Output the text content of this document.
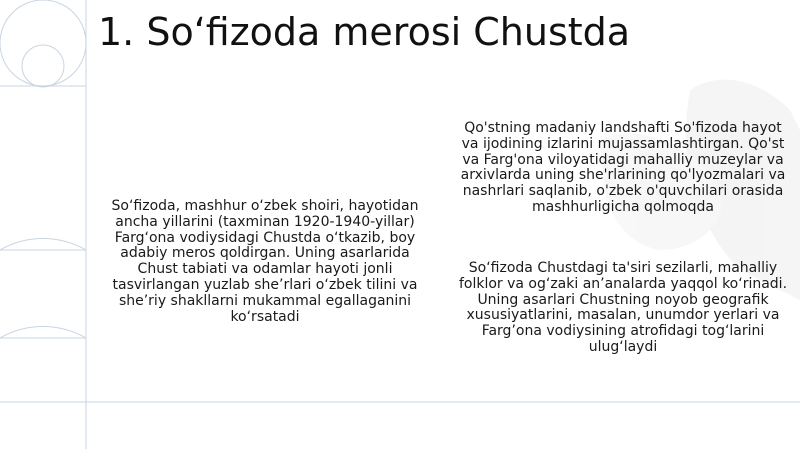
1. So‘fizoda merosi Chustda
So‘fizoda, mashhur o‘zbek shoiri, hayotidan ancha yillarini (taxminan 1920-1940-yillar) Farg‘ona vodiysidagi Chustda o‘tkazib, boy adabiy meros qoldirgan. Uning asarlarida Chust tabiati va odamlar hayoti jonli tasvirlangan yuzlab she’rlari o‘zbek tilini va she’riy shakllarni mukammal egallaganini ko‘rsatadi
Qo'stning madaniy landshafti So'fizoda hayot va ijodining izlarini mujassamlashtirgan. Qo'st va Farg'ona viloyatidagi mahalliy muzeylar va arxivlarda uning she'rlarining qo'lyozmalari va nashrlari saqlanib, o'zbek o'quvchilari orasida mashhurligicha qolmoqda
So‘fizoda Chustdagi ta'siri sezilarli, mahalliy folklor va og‘zaki an’analarda yaqqol ko‘rinadi. Uning asarlari Chustning noyob geografik xususiyatlarini, masalan, unumdor yerlari va Farg’ona vodiysining atrofidagi tog‘larini ulug‘laydi
